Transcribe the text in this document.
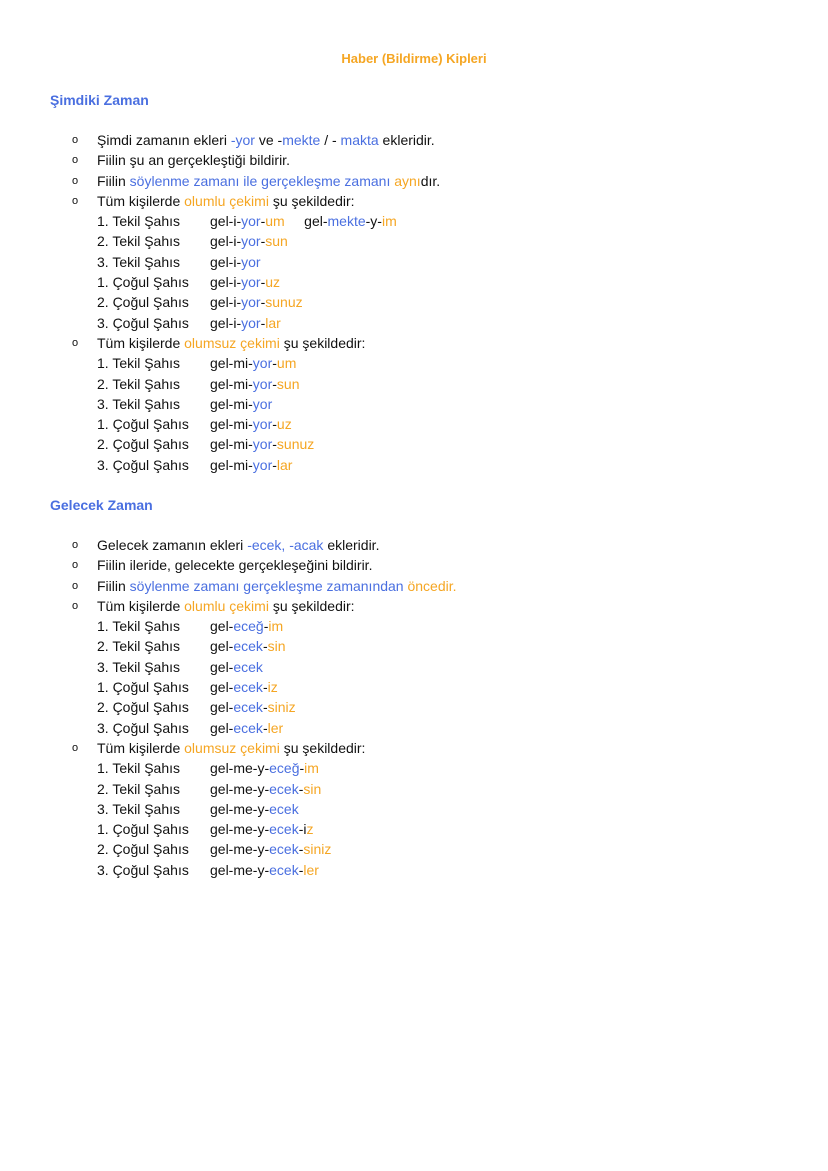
Haber (Bildirme) Kipleri
Şimdiki Zaman
o Şimdi zamanın ekleri -yor ve -mekte / - makta ekleridir.
o Fiilin şu an gerçekleştiği bildirir.
o Fiilin söylenme zamanı ile gerçekleşme zamanı aynıdır.
o Tüm kişilerde olumlu çekimi şu şekildedir:
1. Tekil Şahıs gel-i-yor-um     gel-mekte-y-im
2. Tekil Şahıs gel-i-yor-sun
3. Tekil Şahıs gel-i-yor
1. Çoğul Şahıs gel-i-yor-uz
2. Çoğul Şahıs gel-i-yor-sunuz
3. Çoğul Şahıs gel-i-yor-lar
o Tüm kişilerde olumsuz çekimi şu şekildedir:
1. Tekil Şahıs gel-mi-yor-um
2. Tekil Şahıs gel-mi-yor-sun
3. Tekil Şahıs gel-mi-yor
1. Çoğul Şahıs gel-mi-yor-uz
2. Çoğul Şahıs gel-mi-yor-sunuz
3. Çoğul Şahıs gel-mi-yor-lar
Gelecek Zaman
o Gelecek zamanın ekleri -ecek, -acak ekleridir.
o Fiilin ileride, gelecekte gerçekleşeğini bildirir.
o Fiilin söylenme zamanı gerçekleşme zamanından öncedir.
o Tüm kişilerde olumlu çekimi şu şekildedir:
1. Tekil Şahıs gel-eceğ-im
2. Tekil Şahıs gel-ecek-sin
3. Tekil Şahıs gel-ecek
1. Çoğul Şahıs gel-ecek-iz
2. Çoğul Şahıs gel-ecek-siniz
3. Çoğul Şahıs gel-ecek-ler
o Tüm kişilerde olumsuz çekimi şu şekildedir:
1. Tekil Şahıs gel-me-y-eceğ-im
2. Tekil Şahıs gel-me-y-ecek-sin
3. Tekil Şahıs gel-me-y-ecek
1. Çoğul Şahıs gel-me-y-ecek-iz
2. Çoğul Şahıs gel-me-y-ecek-siniz
3. Çoğul Şahıs gel-me-y-ecek-ler
